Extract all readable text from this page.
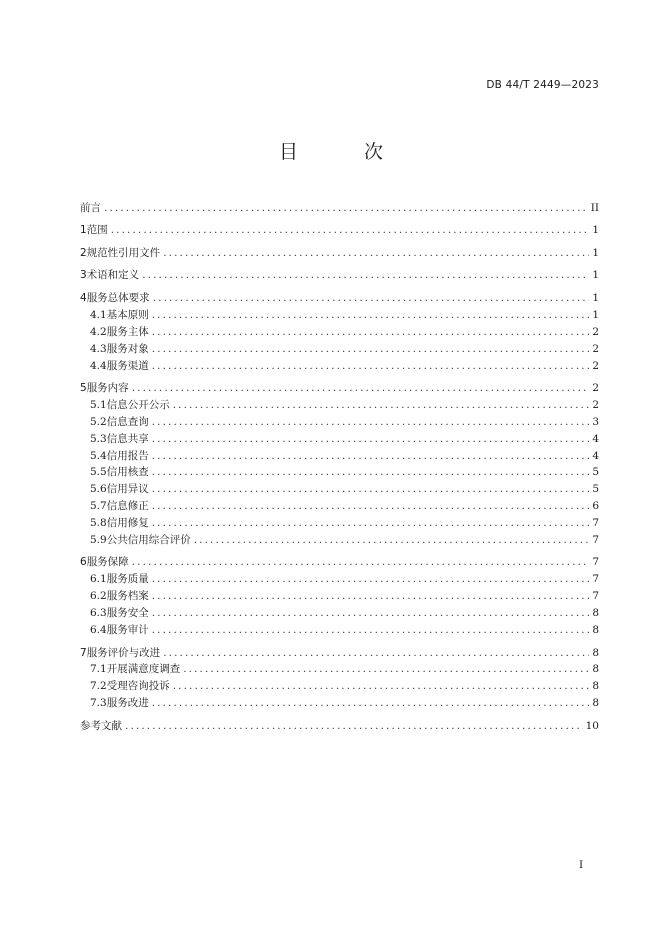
DB 44/T 2449—2023
目 次
前言 .....	II
1 范围 .....	1
2 规范性引用文件 .....	1
3 术语和定义 .....	1
4 服务总体要求 .....	1
4.1 基本原则 .....	1
4.2 服务主体 .....	2
4.3 服务对象 .....	2
4.4 服务渠道 .....	2
5 服务内容 .....	2
5.1 信息公开公示 .....	2
5.2 信息查询 .....	3
5.3 信息共享 .....	4
5.4 信用报告 .....	4
5.5 信用核查 .....	5
5.6 信用异议 .....	5
5.7 信息修正 .....	6
5.8 信用修复 .....	7
5.9 公共信用综合评价 .....	7
6 服务保障 .....	7
6.1 服务质量 .....	7
6.2 服务档案 .....	7
6.3 服务安全 .....	8
6.4 服务审计 .....	8
7 服务评价与改进 .....	8
7.1 开展满意度调查 .....	8
7.2 受理咨询投诉 .....	8
7.3 服务改进 .....	8
参考文献 .....	10
I
